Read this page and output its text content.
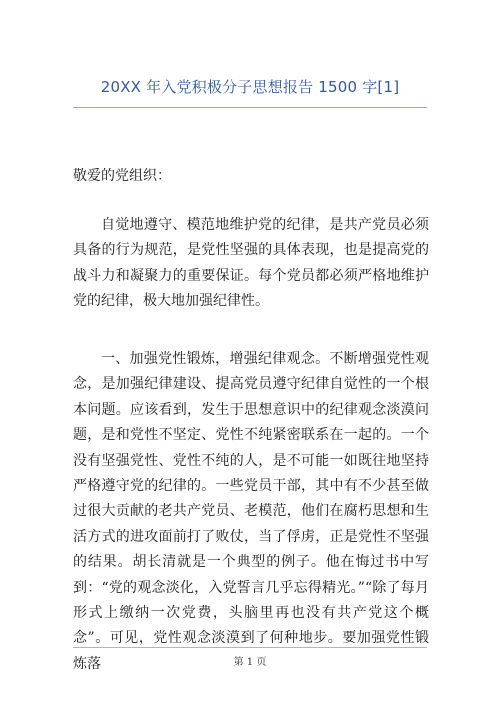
20XX 年入党积极分子思想报告 1500 字[1]
敬爱的党组织：

自觉地遵守、模范地维护党的纪律，是共产党员必须具备的行为规范，是党性坚强的具体表现，也是提高党的战斗力和凝聚力的重要保证。每个党员都必须严格地维护党的纪律，极大地加强纪律性。

一、加强党性锻炼，增强纪律观念。不断增强党性观念，是加强纪律建设、提高党员遵守纪律自觉性的一个根本问题。应该看到，发生于思想意识中的纪律观念淡漠问题，是和党性不坚定、党性不纯紧密联系在一起的。一个没有坚强党性、党性不纯的人，是不可能一如既往地坚持严格遵守党的纪律的。一些党员干部，其中有不少甚至做过很大贡献的老共产党员、老模范，他们在腐朽思想和生活方式的进攻面前打了败仗，当了俘虏，正是党性不坚强的结果。胡长清就是一个典型的例子。他在悔过书中写到：“党的观念淡化，入党誓言几乎忘得精光。”“除了每月形式上缴纳一次党费，头脑里再也没有共产党这个概念”。可见，党性观念淡漠到了何种地步。要加强党性锻炼落	第 1 页
